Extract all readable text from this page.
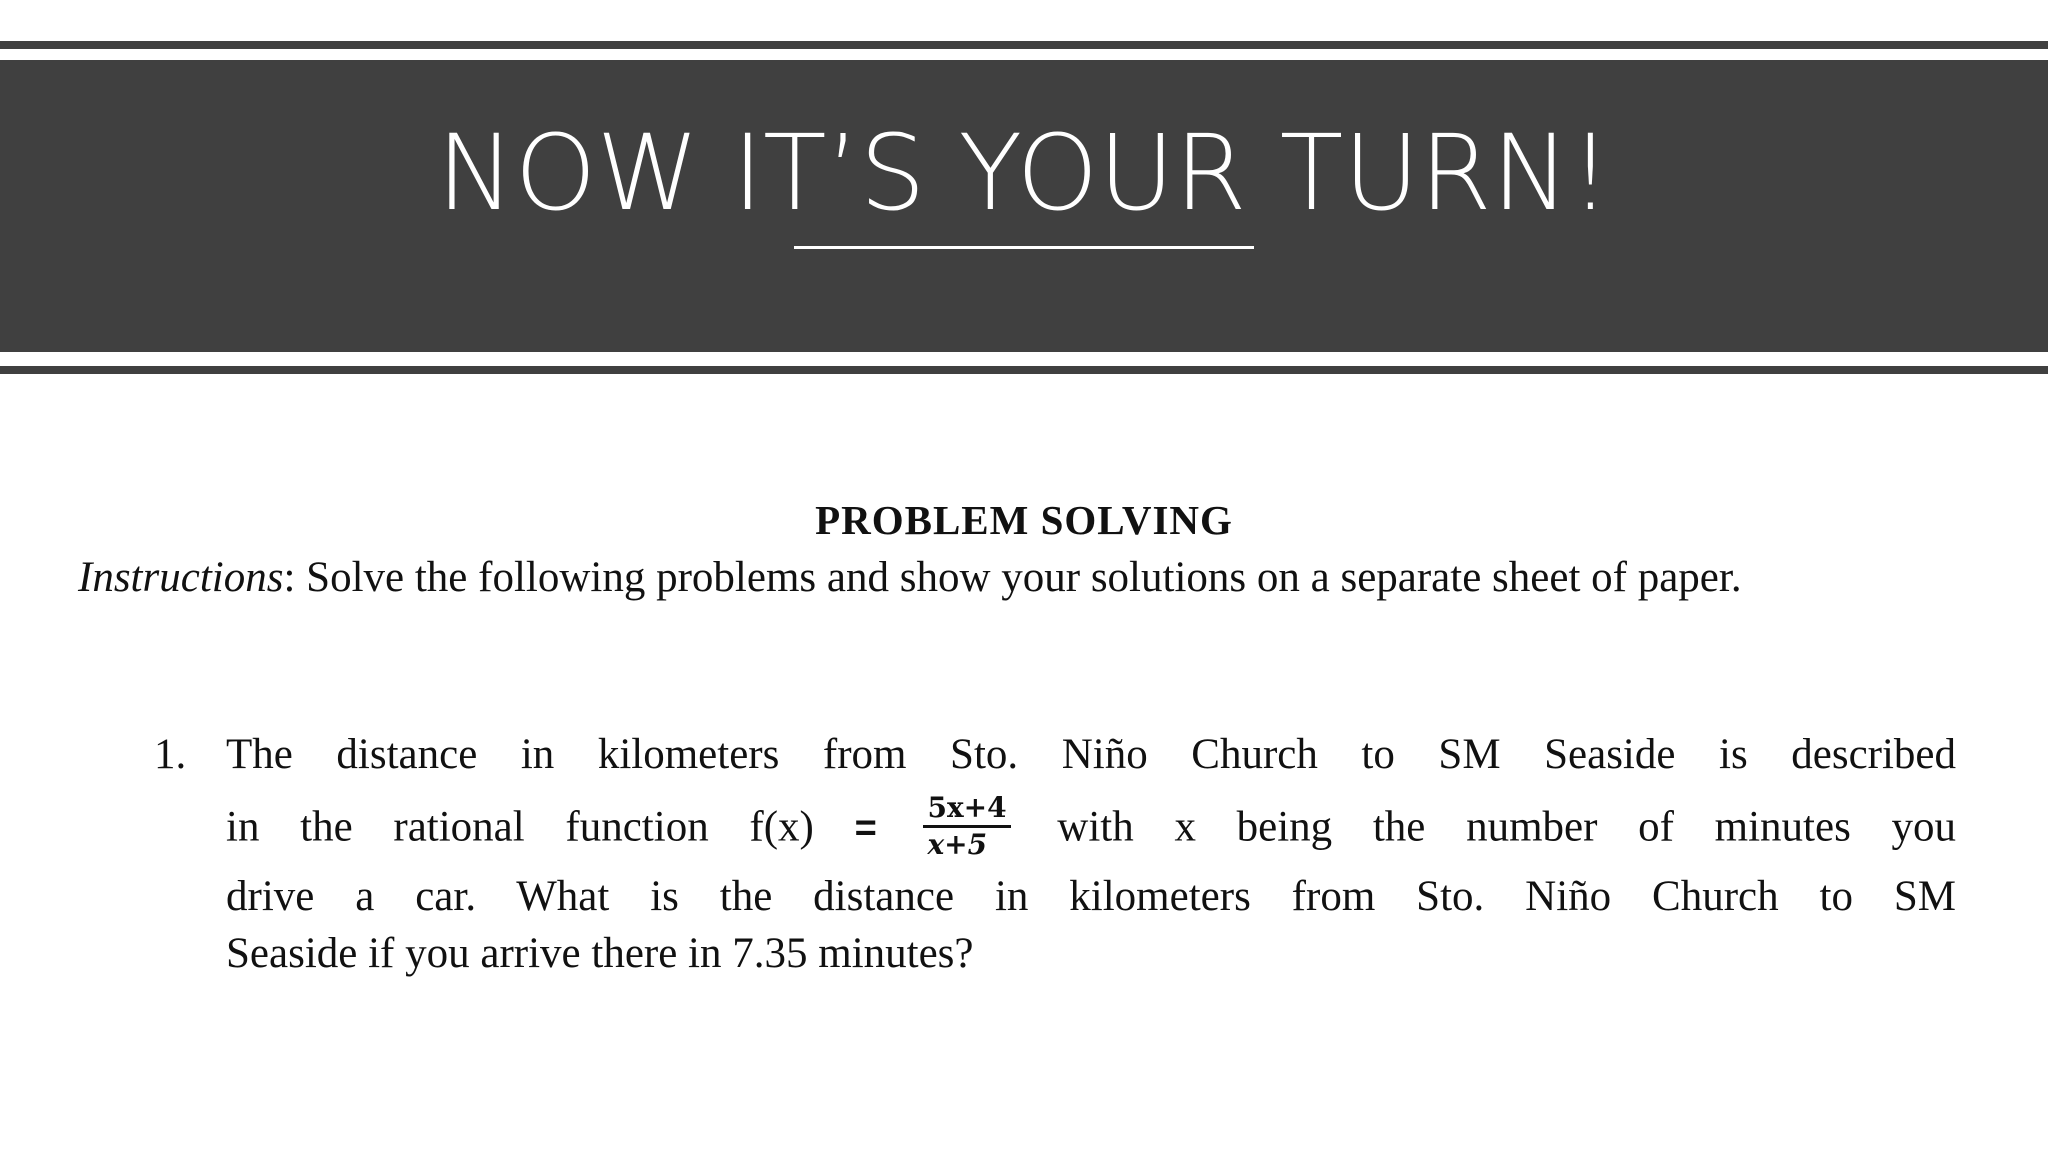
NOW IT’S YOUR TURN!
PROBLEM SOLVING

Instructions: Solve the following problems and show your solutions on a separate sheet of paper.

1. The distance in kilometers from Sto. Niño Church to SM Seaside is described
in the rational function $f(x) = \frac{5x+4}{x+5}$ with x being the number of minutes you
drive a car. What is the distance in kilometers from Sto. Niño Church to SM
Seaside if you arrive there in 7.35 minutes?
